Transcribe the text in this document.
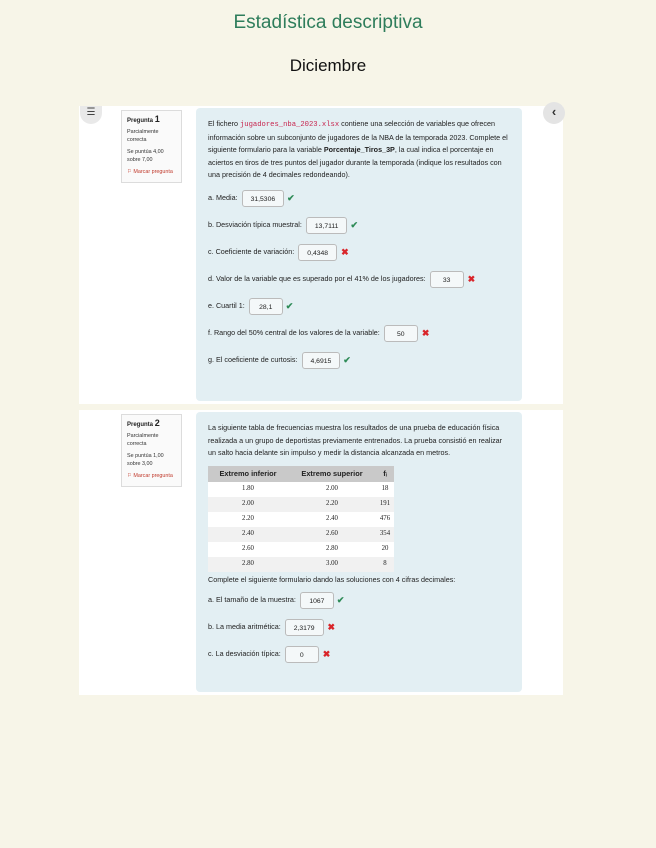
Estadística descriptiva
Diciembre
☰	‹
Pregunta 1
Parcialmente correcta
Se puntúa 4,00 sobre 7,00
⚐ Marcar pregunta
El fichero jugadores_nba_2023.xlsx contiene una selección de variables que ofrecen información sobre un subconjunto de jugadores de la NBA de la temporada 2023. Complete el siguiente formulario para la variable Porcentaje_Tiros_3P, la cual indica el porcentaje en aciertos en tiros de tres puntos del jugador durante la temporada (indique los resultados con una precisión de 4 decimales redondeando).
a. Media:	31,5306	✔
b. Desviación típica muestral:	13,7111	✔
c. Coeficiente de variación:	0,4348	✖
d. Valor de la variable que es superado por el 41% de los jugadores:	33	✖
e. Cuartil 1:	28,1	✔
f. Rango del 50% central de los valores de la variable:	50	✖
g. El coeficiente de curtosis:	4,6915	✔
Pregunta 2
Parcialmente correcta
Se puntúa 1,00 sobre 3,00
⚐ Marcar pregunta
La siguiente tabla de frecuencias muestra los resultados de una prueba de educación física realizada a un grupo de deportistas previamente entrenados. La prueba consistió en realizar un salto hacia delante sin impulso y medir la distancia alcanzada en metros.
Extremo inferior	Extremo superior	fᵢ
1.80	2.00	18
2.00	2.20	191
2.20	2.40	476
2.40	2.60	354
2.60	2.80	20
2.80	3.00	8
Complete el siguiente formulario dando las soluciones con 4 cifras decimales:
a. El tamaño de la muestra:	1067	✔
b. La media aritmética:	2,3179	✖
c. La desviación típica:	0	✖
